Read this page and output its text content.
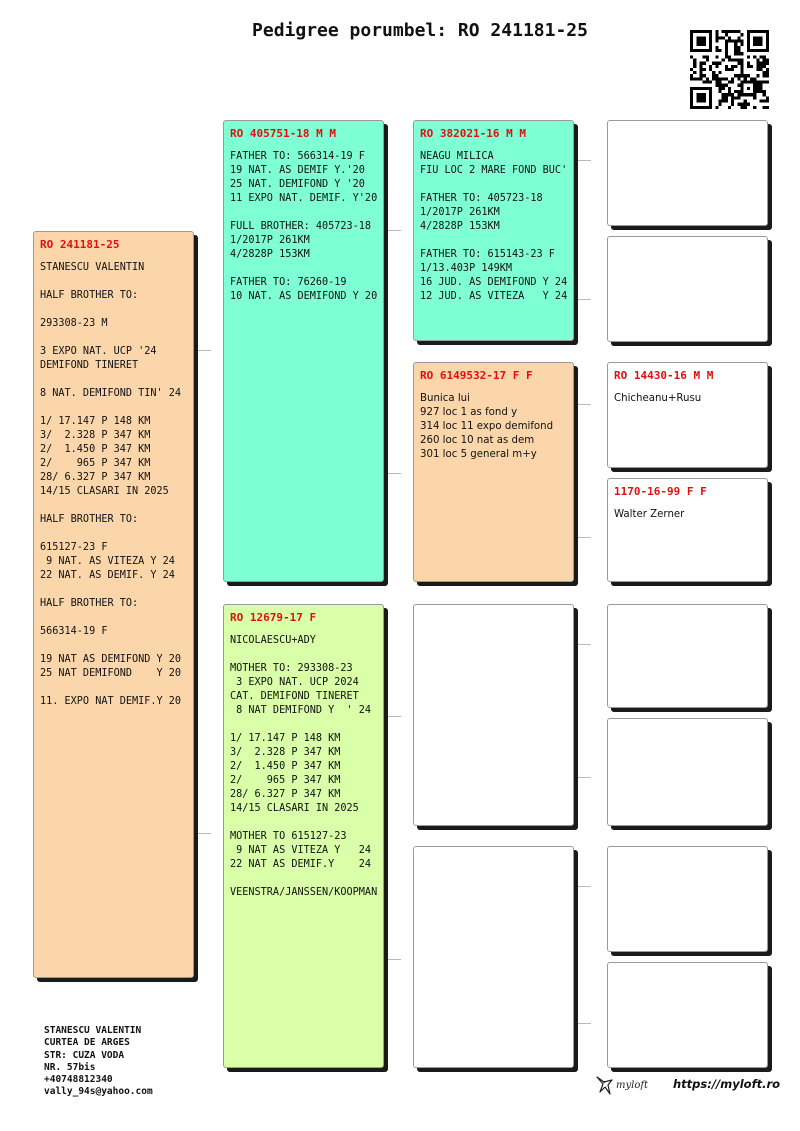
Pedigree porumbel: RO 241181-25
RO 241181-25
STANESCU VALENTIN
HALF BROTHER TO:
293308-23 M
3 EXPO NAT. UCP '24
DEMIFOND TINERET
8 NAT. DEMIFOND TIN' 24
1/ 17.147 P 148 KM
3/  2.328 P 347 KM
2/  1.450 P 347 KM
2/    965 P 347 KM
28/ 6.327 P 347 KM
14/15 CLASARI IN 2025
HALF BROTHER TO:
615127-23 F
9 NAT. AS VITEZA Y 24
22 NAT. AS DEMIF. Y 24
HALF BROTHER TO:
566314-19 F
19 NAT AS DEMIFOND Y 20
25 NAT DEMIFOND    Y 20
11. EXPO NAT DEMIF.Y 20
RO 405751-18 M M
FATHER TO: 566314-19 F
19 NAT. AS DEMIF Y.'20
25 NAT. DEMIFOND Y '20
11 EXPO NAT. DEMIF. Y'20
FULL BROTHER: 405723-18
1/2017P 261KM
4/2828P 153KM
FATHER TO: 76260-19
10 NAT. AS DEMIFOND Y 20
RO 12679-17 F
NICOLAESCU+ADY
MOTHER TO: 293308-23
3 EXPO NAT. UCP 2024
CAT. DEMIFOND TINERET
8 NAT DEMIFOND Y  ' 24
1/ 17.147 P 148 KM
3/  2.328 P 347 KM
2/  1.450 P 347 KM
2/    965 P 347 KM
28/ 6.327 P 347 KM
14/15 CLASARI IN 2025
MOTHER TO 615127-23
9 NAT AS VITEZA Y   24
22 NAT AS DEMIF.Y    24
VEENSTRA/JANSSEN/KOOPMAN
RO 382021-16 M M
NEAGU MILICA
FIU LOC 2 MARE FOND BUC'
FATHER TO: 405723-18
1/2017P 261KM
4/2828P 153KM
FATHER TO: 615143-23 F
1/13.403P 149KM
16 JUD. AS DEMIFOND Y 24
12 JUD. AS VITEZA   Y 24
RO 6149532-17 F F
Bunica lui
927 loc 1 as fond y
314 loc 11 expo demifond
260 loc 10 nat as dem
301 loc 5 general m+y
RO 14430-16 M M
Chicheanu+Rusu
1170-16-99 F F
Walter Zerner
STANESCU VALENTIN
CURTEA DE ARGES
STR: CUZA VODA
NR. 57bis
+40748812340
vally_94s@yahoo.com
myloft https://myloft.ro
